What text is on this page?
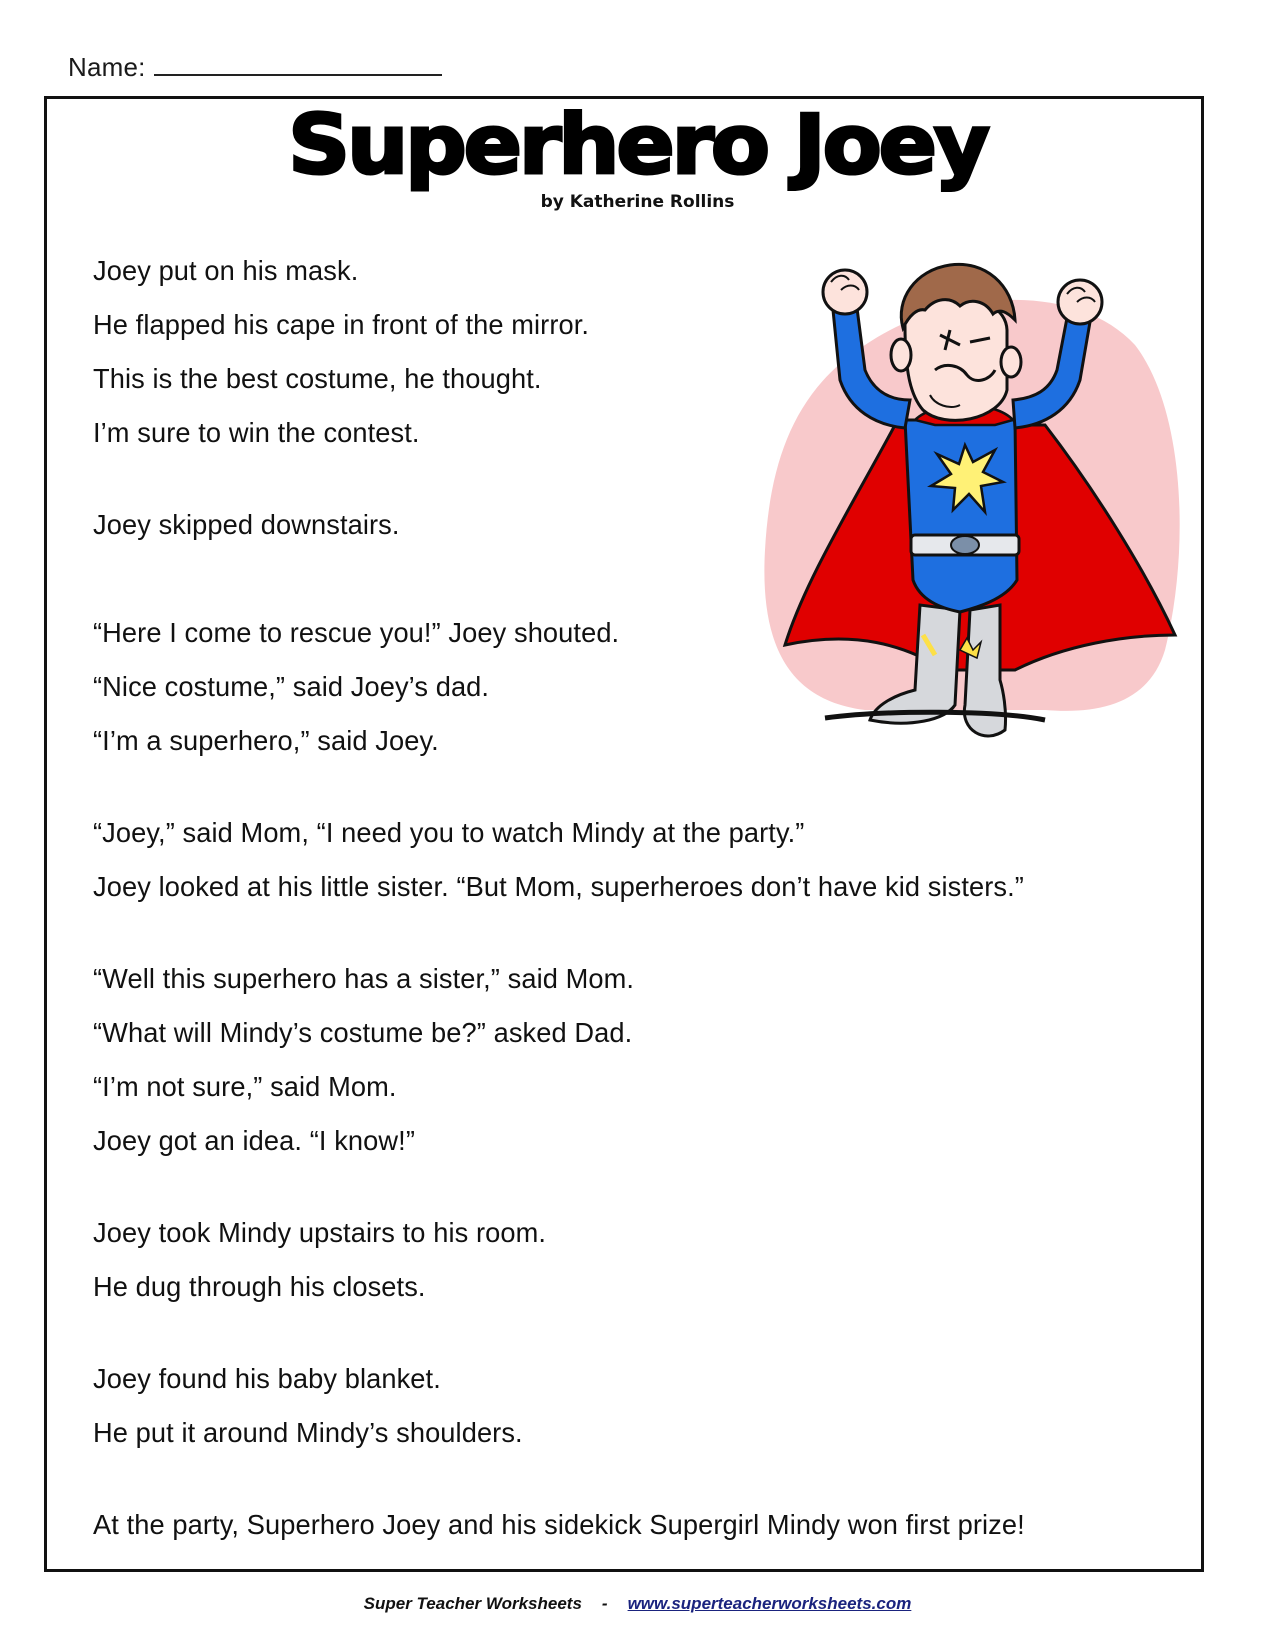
Name:
Superhero Joey
by Katherine Rollins
Joey put on his mask.
He flapped his cape in front of the mirror.
This is the best costume, he thought.
I’m sure to win the contest.
Joey skipped downstairs.
“Here I come to rescue you!” Joey shouted.
“Nice costume,” said Joey’s dad.
“I’m a superhero,” said Joey.
“Joey,” said Mom, “I need you to watch Mindy at the party.”
Joey looked at his little sister. “But Mom, superheroes don’t have kid sisters.”
“Well this superhero has a sister,” said Mom.
“What will Mindy’s costume be?” asked Dad.
“I’m not sure,” said Mom.
Joey got an idea. “I know!”
Joey took Mindy upstairs to his room.
He dug through his closets.
Joey found his baby blanket.
He put it around Mindy’s shoulders.
At the party, Superhero Joey and his sidekick Supergirl Mindy won first prize!
Super Teacher Worksheets - www.superteacherworksheets.com
